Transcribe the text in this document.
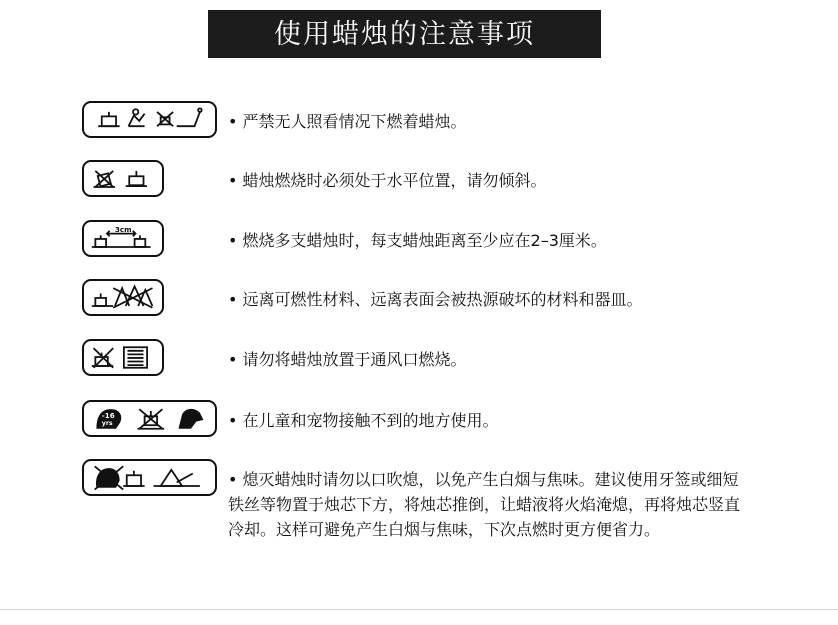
使用蜡烛的注意事项
• 严禁无人照看情况下燃着蜡烛。
• 蜡烛燃烧时必须处于水平位置，请勿倾斜。
3cm
• 燃烧多支蜡烛时，每支蜡烛距离至少应在2–3厘米。
• 远离可燃性材料、远离表面会被热源破坏的材料和器皿。
• 请勿将蜡烛放置于通风口燃烧。
-16
yrs	• 在儿童和宠物接触不到的地方使用。
• 熄灭蜡烛时请勿以口吹熄，以免产生白烟与焦味。建议使用牙签或细短铁丝等物置于烛芯下方，将烛芯推倒，让蜡液将火焰淹熄，再将烛芯竖直冷却。这样可避免产生白烟与焦味，下次点燃时更方便省力。
